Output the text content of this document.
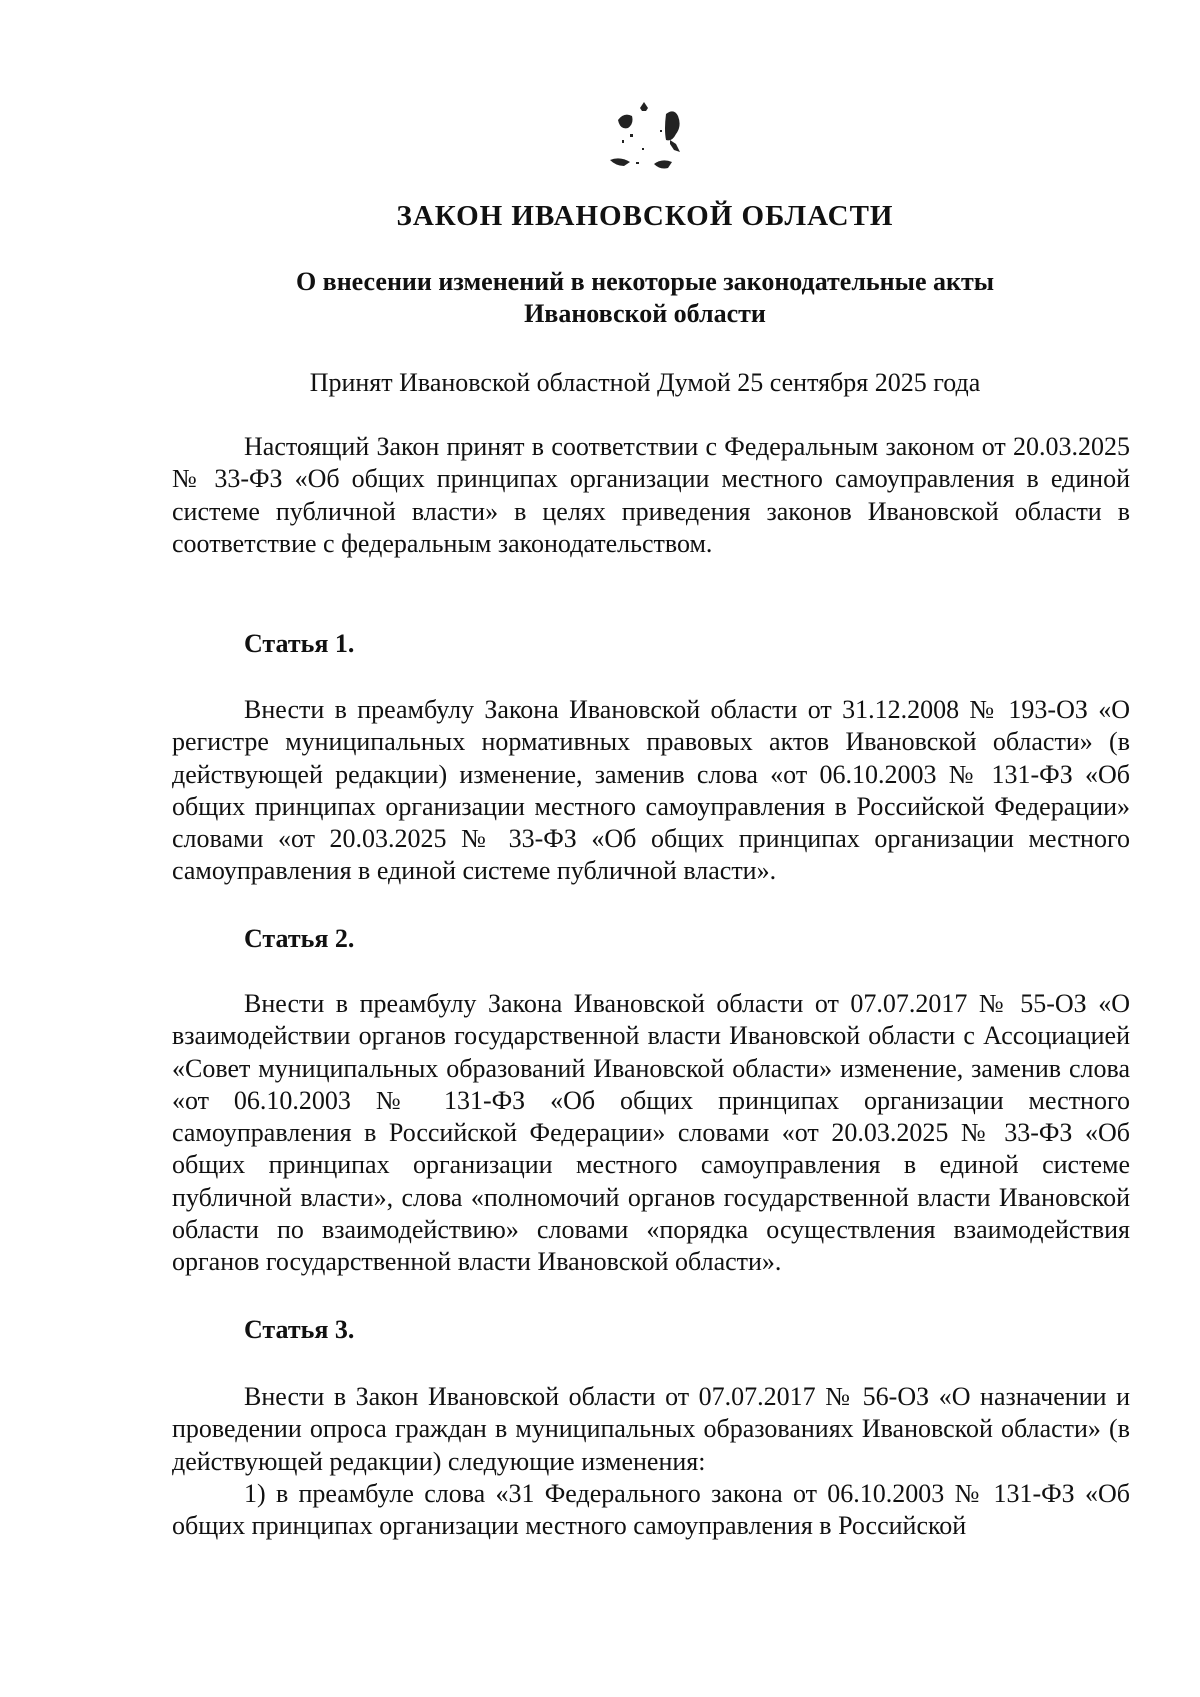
ЗАКОН ИВАНОВСКОЙ ОБЛАСТИ
О внесении изменений в некоторые законодательные акты
Ивановской области
Принят Ивановской областной Думой 25 сентября 2025 года

Настоящий Закон принят в соответствии с Федеральным законом от 20.03.2025 № 33-ФЗ «Об общих принципах организации местного самоуправления в единой системе публичной власти» в целях приведения законов Ивановской области в соответствие с федеральным законодательством.

Статья 1.

Внести в преамбулу Закона Ивановской области от 31.12.2008 № 193-ОЗ «О регистре муниципальных нормативных правовых актов Ивановской области» (в действующей редакции) изменение, заменив слова «от 06.10.2003 № 131-ФЗ «Об общих принципах организации местного самоуправления в Российской Федерации» словами «от 20.03.2025 № 33-ФЗ «Об общих принципах организации местного самоуправления в единой системе публичной власти».

Статья 2.

Внести в преамбулу Закона Ивановской области от 07.07.2017 № 55-ОЗ «О взаимодействии органов государственной власти Ивановской области с Ассоциацией «Совет муниципальных образований Ивановской области» изменение, заменив слова «от 06.10.2003 № 131-ФЗ «Об общих принципах организации местного самоуправления в Российской Федерации» словами «от 20.03.2025 № 33-ФЗ «Об общих принципах организации местного самоуправления в единой системе публичной власти», слова «полномочий органов государственной власти Ивановской области по взаимодействию» словами «порядка осуществления взаимодействия органов государственной власти Ивановской области».

Статья 3.

Внести в Закон Ивановской области от 07.07.2017 № 56-ОЗ «О назначении и проведении опроса граждан в муниципальных образованиях Ивановской области» (в действующей редакции) следующие изменения:

1) в преамбуле слова «31 Федерального закона от 06.10.2003 № 131-ФЗ «Об общих принципах организации местного самоуправления в Российской
